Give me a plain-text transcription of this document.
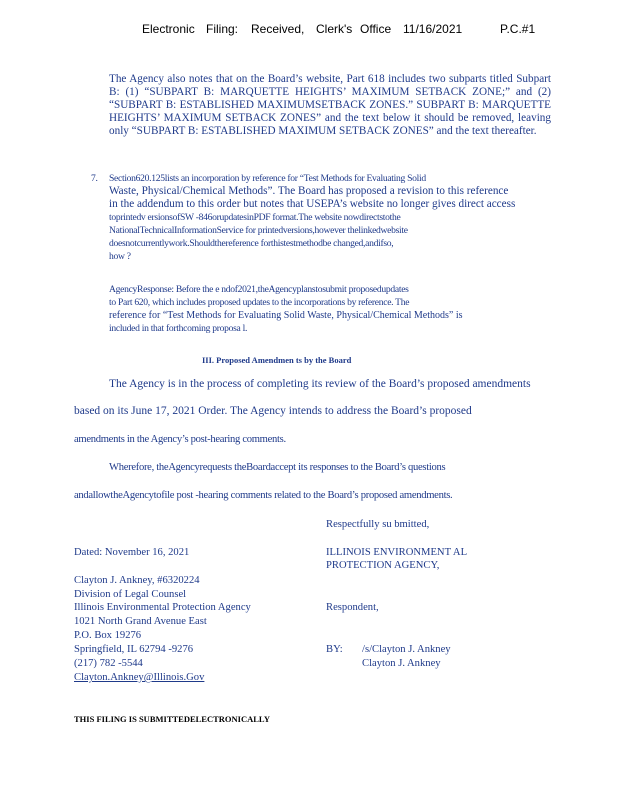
Electronic Filing: Received, Clerk's Office 11/16/2021	P.C.#1
The Agency also notes that on the Board’s website, Part 618 includes two subparts titled Subpart B: (1) “SUBPART B: MARQUETTE HEIGHTS’ MAXIMUM SETBACK ZONE;” and (2) “SUBPART B: ESTABLISHED MAXIMUMSETBACK ZONES.” SUBPART B: MARQUETTE HEIGHTS’ MAXIMUM SETBACK ZONES” and the text below it should be removed, leaving only “SUBPART B: ESTABLISHED MAXIMUM SETBACK ZONES” and the text thereafter.
7. Section620.125lists an incorporation by reference for “Test Methods for Evaluating Solid
Waste, Physical/Chemical Methods”. The Board has proposed a revision to this reference
in the addendum to this order but notes that USEPA’s website no longer gives direct access
toprintedv ersionsofSW -846orupdatesinPDF format.The website nowdirectstothe
NationalTechnicalInformationService for printedversions,however thelinkedwebsite
doesnotcurrentlywork.Shouldthereference forthistestmethodbe changed,andifso,
how ?
AgencyResponse: Before the e ndof2021,theAgencyplanstosubmit proposedupdates
to Part 620, which includes proposed updates to the incorporations by reference. The
reference for “Test Methods for Evaluating Solid Waste, Physical/Chemical Methods” is
included in that forthcoming proposa l.
III. Proposed Amendmen ts by the Board
The Agency is in the process of completing its review of the Board’s proposed amendments
based on its June 17, 2021 Order. The Agency intends to address the Board’s proposed
amendments in the Agency’s post-hearing comments.
Wherefore, theAgencyrequests theBoardaccept its responses to the Board’s questions
andallowtheAgencytofile post -hearing comments related to the Board’s proposed amendments.
Respectfully su bmitted,
Dated: November 16, 2021	ILLINOIS ENVIRONMENT AL
PROTECTION AGENCY,
Clayton J. Ankney, #6320224
Division of Legal Counsel
Illinois Environmental Protection Agency	Respondent,
1021 North Grand Avenue East
P.O. Box 19276
Springfield, IL 62794 -9276	BY: /s/Clayton J. Ankney
(217) 782 -5544	Clayton J. Ankney
Clayton.Ankney@Illinois.Gov
THIS FILING IS SUBMITTEDELECTRONICALLY
